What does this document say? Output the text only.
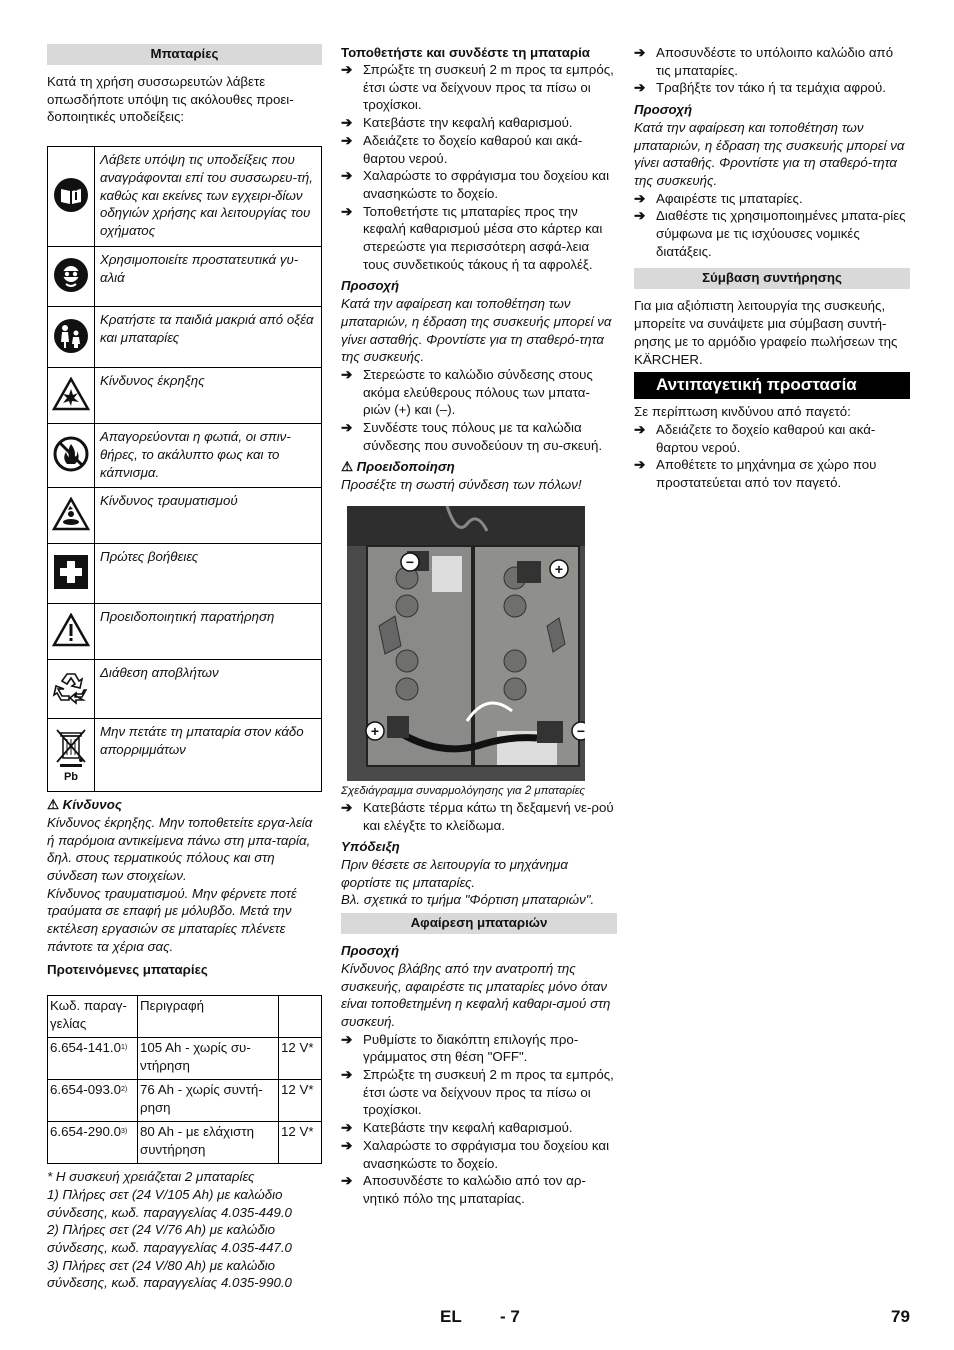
Μπαταρίες
Κατά τη χρήση συσσωρευτών λάβετε οπωσδήποτε υπόψη τις ακόλουθες προει-δοποιητικές υποδείξεις:
	Λάβετε υπόψη τις υποδείξεις που αναγράφονται επί του συσσωρευ-τή, καθώς και εκείνες των εγχειρι-δίων οδηγιών χρήσης και λειτουργίας του οχήματος
	Χρησιμοποιείτε προστατευτικά γυ-αλιά
	Κρατήστε τα παιδιά μακριά από οξέα και μπαταρίες
	Κίνδυνος έκρηξης
	Απαγορεύονται η φωτιά, οι σπιν-θήρες, το ακάλυπτο φως και το κάπνισμα.
	Κίνδυνος τραυματισμού
	Πρώτες βοήθειες
	Προειδοποιητική παρατήρηση
	Διάθεση αποβλήτων

Pb	Μην πετάτε τη μπαταρία στον κάδο απορριμμάτων
⚠ Κίνδυνος
Κίνδυνος έκρηξης. Μην τοποθετείτε εργα-λεία ή παρόμοια αντικείμενα πάνω στη μπα-ταρία, δηλ. στους τερματικούς πόλους και στη σύνδεση των στοιχείων.
Κίνδυνος τραυματισμού. Μην φέρνετε ποτέ τραύματα σε επαφή με μόλυβδο. Μετά την εκτέλεση εργασιών σε μπαταρίες πλένετε πάντοτε τα χέρια σας.
Προτεινόμενες μπαταρίες
Κωδ. παραγ-γελίας	Περιγραφή	
6.654-141.0$^{1)}$	105 Ah - χωρίς συ-ντήρηση	12 V*
6.654-093.0$^{2)}$	76 Ah - χωρίς συντή-ρηση	12 V*
6.654-290.0$^{3)}$	80 Ah - με ελάχιστη συντήρηση	12 V*
* Η συσκευή χρειάζεται 2 μπαταρίες
1) Πλήρες σετ (24 V/105 Ah) με καλώδιο σύνδεσης, κωδ. παραγγελίας 4.035-449.0
2) Πλήρες σετ (24 V/76 Ah) με καλώδιο σύνδεσης, κωδ. παραγγελίας 4.035-447.0
3) Πλήρες σετ (24 V/80 Ah) με καλώδιο σύνδεσης, κωδ. παραγγελίας 4.035-990.0
Τοποθετήστε και συνδέστε τη μπαταρία
➔ Σπρώξτε τη συσκευή 2 m προς τα εμπρός, έτσι ώστε να δείχνουν προς τα πίσω οι τροχίσκοι.
➔ Κατεβάστε την κεφαλή καθαρισμού.
➔ Αδειάζετε το δοχείο καθαρού και ακά-θαρτου νερού.
➔ Χαλαρώστε το σφράγισμα του δοχείου και ανασηκώστε το δοχείο.
➔ Τοποθετήστε τις μπαταρίες προς την κεφαλή καθαρισμού μέσα στο κάρτερ και στερεώστε για περισσότερη ασφά-λεια τους συνδετικούς τάκους ή τα αφρολέξ.
Προσοχή
Κατά την αφαίρεση και τοποθέτηση των μπαταριών, η έδραση της συσκευής μπορεί να γίνει ασταθής. Φροντίστε για τη σταθερό-τητα της συσκευής.
➔ Στερεώστε το καλώδιο σύνδεσης στους ακόμα ελεύθερους πόλους των μπατα-ριών (+) και (–).
➔ Συνδέστε τους πόλους με τα καλώδια σύνδεσης που συνοδεύουν τη συ-σκευή.
⚠ Προειδοποίηση
Προσέξτε τη σωστή σύνδεση των πόλων!
−	+
+	−
Σχεδιάγραμμα συναρμολόγησης για 2 μπαταρίες
➔ Κατεβάστε τέρμα κάτω τη δεξαμενή νε-ρού και ελέγξτε το κλείδωμα.
Υπόδειξη
Πριν θέσετε σε λειτουργία το μηχάνημα φορτίστε τις μπαταρίες.
Βλ. σχετικά το τμήμα "Φόρτιση μπαταριών".
Αφαίρεση μπαταριών
Προσοχή
Κίνδυνος βλάβης από την ανατροπή της συσκευής, αφαιρέστε τις μπαταρίες μόνο όταν είναι τοποθετημένη η κεφαλή καθαρι-σμού στη συσκευή.
➔ Ρυθμίστε το διακόπτη επιλογής προ-γράμματος στη θέση "OFF".
➔ Σπρώξτε τη συσκευή 2 m προς τα εμπρός, έτσι ώστε να δείχνουν προς τα πίσω οι τροχίσκοι.
➔ Κατεβάστε την κεφαλή καθαρισμού.
➔ Χαλαρώστε το σφράγισμα του δοχείου και ανασηκώστε το δοχείο.
➔ Αποσυνδέστε το καλώδιο από τον αρ-νητικό πόλο της μπαταρίας.
➔ Αποσυνδέστε το υπόλοιπο καλώδιο από τις μπαταρίες.
➔ Τραβήξτε τον τάκο ή τα τεμάχια αφρού.
Προσοχή
Κατά την αφαίρεση και τοποθέτηση των μπαταριών, η έδραση της συσκευής μπορεί να γίνει ασταθής. Φροντίστε για τη σταθερό-τητα της συσκευής.
➔ Αφαιρέστε τις μπαταρίες.
➔ Διαθέστε τις χρησιμοποιημένες μπατα-ρίες σύμφωνα με τις ισχύουσες νομικές διατάξεις.
Σύμβαση συντήρησης
Για μια αξιόπιστη λειτουργία της συσκευής, μπορείτε να συνάψετε μια σύμβαση συντή-ρησης με το αρμόδιο γραφείο πωλήσεων της KÄRCHER.
Αντιπαγετική προστασία
Σε περίπτωση κινδύνου από παγετό:
➔ Αδειάζετε το δοχείο καθαρού και ακά-θαρτου νερού.
➔ Αποθέτετε το μηχάνημα σε χώρο που προστατεύεται από τον παγετό.
EL - 7	79
